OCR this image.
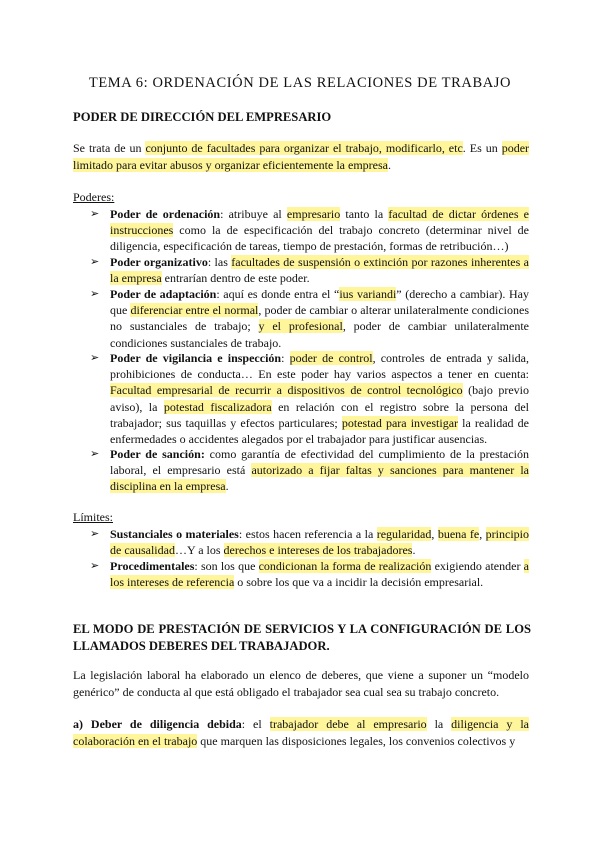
TEMA 6: ORDENACIÓN DE LAS RELACIONES DE TRABAJO
PODER DE DIRECCIÓN DEL EMPRESARIO
Se trata de un conjunto de facultades para organizar el trabajo, modificarlo, etc. Es un poder limitado para evitar abusos y organizar eficientemente la empresa.
Poderes:
➢ Poder de ordenación: atribuye al empresario tanto la facultad de dictar órdenes e instrucciones como la de especificación del trabajo concreto (determinar nivel de diligencia, especificación de tareas, tiempo de prestación, formas de retribución…)
➢ Poder organizativo: las facultades de suspensión o extinción por razones inherentes a la empresa entrarían dentro de este poder.
➢ Poder de adaptación: aquí es donde entra el “ius variandi” (derecho a cambiar). Hay que diferenciar entre el normal, poder de cambiar o alterar unilateralmente condiciones no sustanciales de trabajo; y el profesional, poder de cambiar unilateralmente condiciones sustanciales de trabajo.
➢ Poder de vigilancia e inspección: poder de control, controles de entrada y salida, prohibiciones de conducta… En este poder hay varios aspectos a tener en cuenta: Facultad empresarial de recurrir a dispositivos de control tecnológico (bajo previo aviso), la potestad fiscalizadora en relación con el registro sobre la persona del trabajador; sus taquillas y efectos particulares; potestad para investigar la realidad de enfermedades o accidentes alegados por el trabajador para justificar ausencias.
➢ Poder de sanción: como garantía de efectividad del cumplimiento de la prestación laboral, el empresario está autorizado a fijar faltas y sanciones para mantener la disciplina en la empresa.
Límites:
➢ Sustanciales o materiales: estos hacen referencia a la regularidad, buena fe, principio de causalidad…Y a los derechos e intereses de los trabajadores.
➢ Procedimentales: son los que condicionan la forma de realización exigiendo atender a los intereses de referencia o sobre los que va a incidir la decisión empresarial.
EL MODO DE PRESTACIÓN DE SERVICIOS Y LA CONFIGURACIÓN DE LOS LLAMADOS DEBERES DEL TRABAJADOR.
La legislación laboral ha elaborado un elenco de deberes, que viene a suponer un “modelo genérico” de conducta al que está obligado el trabajador sea cual sea su trabajo concreto.
a) Deber de diligencia debida: el trabajador debe al empresario la diligencia y la colaboración en el trabajo que marquen las disposiciones legales, los convenios colectivos y
